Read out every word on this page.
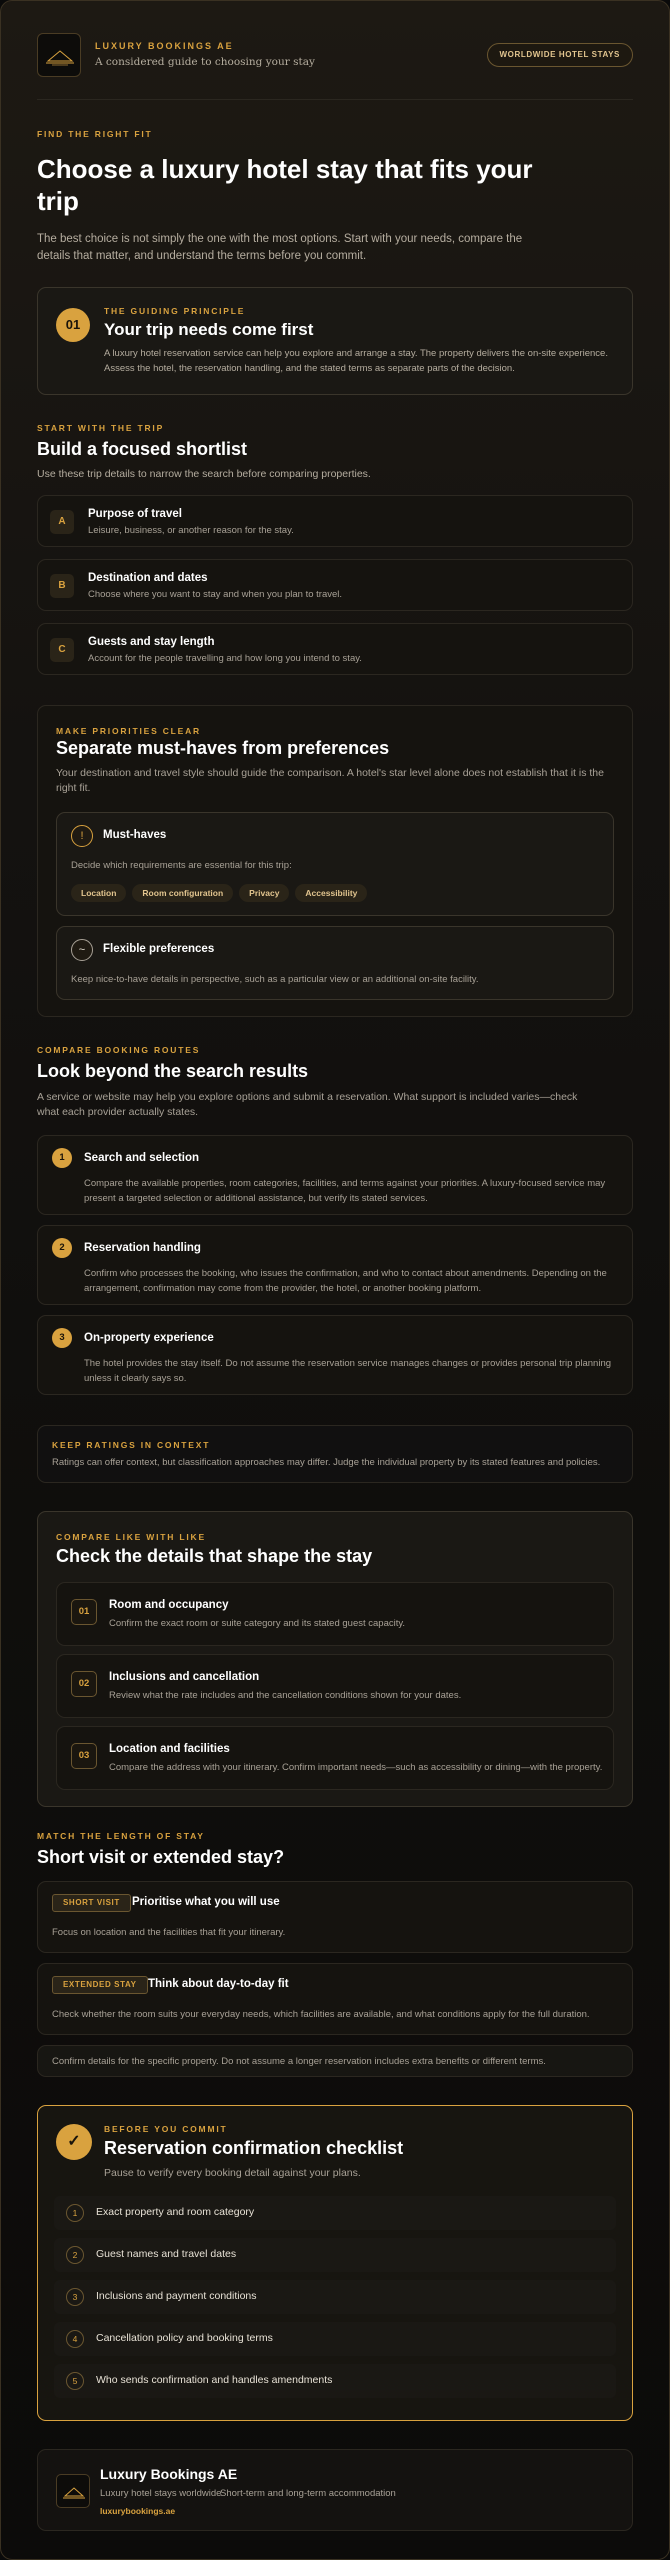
LUXURY BOOKINGS AE
A considered guide to choosing your stay
WORLDWIDE HOTEL STAYS
FIND THE RIGHT FIT
Choose a luxury hotel stay that fits your trip

The best choice is not simply the one with the most options. Start with your needs, compare the details that matter, and understand the terms before you commit.

01
THE GUIDING PRINCIPLE
Your trip needs come first
A luxury hotel reservation service can help you explore and arrange a stay. The property delivers the on-site experience. Assess the hotel, the reservation handling, and the stated terms as separate parts of the decision.
START WITH THE TRIP
Build a focused shortlist

Use these trip details to narrow the search before comparing properties.

A
Purpose of travel
Leisure, business, or another reason for the stay.
B
Destination and dates
Choose where you want to stay and when you plan to travel.
C
Guests and stay length
Account for the people travelling and how long you intend to stay.
MAKE PRIORITIES CLEAR
Separate must-haves from preferences
Your destination and travel style should guide the comparison. A hotel's star level alone does not establish that it is the right fit.
!	Must-haves
Decide which requirements are essential for this trip:
Location	Room configuration	Privacy	Accessibility
~	Flexible preferences
Keep nice-to-have details in perspective, such as a particular view or an additional on-site facility.
COMPARE BOOKING ROUTES
Look beyond the search results

A service or website may help you explore options and submit a reservation. What support is included varies—check what each provider actually states.

1	Search and selection
Compare the available properties, room categories, facilities, and terms against your priorities. A luxury-focused service may present a targeted selection or additional assistance, but verify its stated services.
2	Reservation handling
Confirm who processes the booking, who issues the confirmation, and who to contact about amendments. Depending on the arrangement, confirmation may come from the provider, the hotel, or another booking platform.
3	On-property experience
The hotel provides the stay itself. Do not assume the reservation service manages changes or provides personal trip planning unless it clearly says so.
KEEP RATINGS IN CONTEXT
Ratings can offer context, but classification approaches may differ. Judge the individual property by its stated features and policies.
COMPARE LIKE WITH LIKE
Check the details that shape the stay
01
Room and occupancy
Confirm the exact room or suite category and its stated guest capacity.
02
Inclusions and cancellation
Review what the rate includes and the cancellation conditions shown for your dates.
03
Location and facilities
Compare the address with your itinerary. Confirm important needs—such as accessibility or dining—with the property.
MATCH THE LENGTH OF STAY
Short visit or extended stay?
SHORT VISIT	Prioritise what you will use
Focus on location and the facilities that fit your itinerary.
EXTENDED STAY Think about day-to-day fit
Check whether the room suits your everyday needs, which facilities are available, and what conditions apply for the full duration.
Confirm details for the specific property. Do not assume a longer reservation includes extra benefits or different terms.
✓
BEFORE YOU COMMIT
Reservation confirmation checklist
Pause to verify every booking detail against your plans.
1	Exact property and room category
2	Guest names and travel dates
3	Inclusions and payment conditions
4	Cancellation policy and booking terms
5	Who sends confirmation and handles amendments
Luxury Bookings AE
Luxury hotel stays worldwide
Short-term and long-term accommodation
luxurybookings.ae
